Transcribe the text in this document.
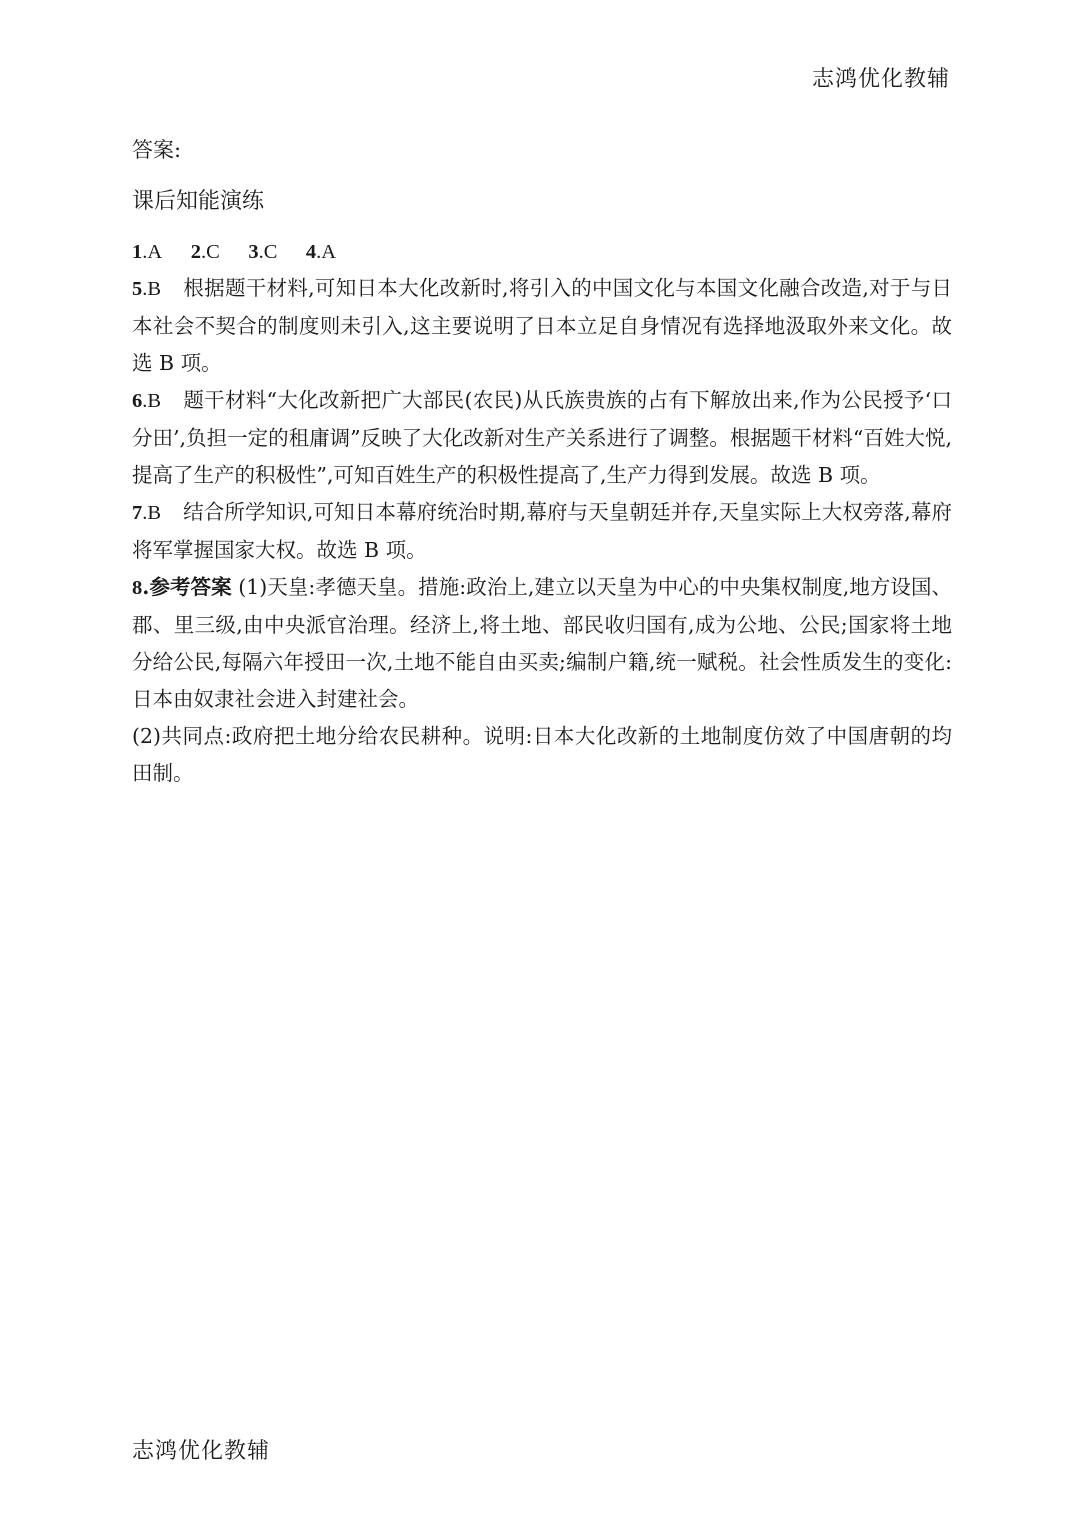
志鸿优化教辅
答案:
课后知能演练
1.A 2.C 3.C 4.A
5.B 根据题干材料,可知日本大化改新时,将引入的中国文化与本国文化融合改造,对于与日本社会不契合的制度则未引入,这主要说明了日本立足自身情况有选择地汲取外来文化。故选 B 项。
6.B 题干材料“大化改新把广大部民(农民)从氏族贵族的占有下解放出来,作为公民授予‘口分田’,负担一定的租庸调”反映了大化改新对生产关系进行了调整。根据题干材料“百姓大悦,提高了生产的积极性”,可知百姓生产的积极性提高了,生产力得到发展。故选 B 项。
7.B 结合所学知识,可知日本幕府统治时期,幕府与天皇朝廷并存,天皇实际上大权旁落,幕府将军掌握国家大权。故选 B 项。
8.参考答案 (1)天皇:孝德天皇。措施:政治上,建立以天皇为中心的中央集权制度,地方设国、郡、里三级,由中央派官治理。经济上,将土地、部民收归国有,成为公地、公民;国家将土地分给公民,每隔六年授田一次,土地不能自由买卖;编制户籍,统一赋税。社会性质发生的变化:日本由奴隶社会进入封建社会。
(2)共同点:政府把土地分给农民耕种。说明:日本大化改新的土地制度仿效了中国唐朝的均田制。
志鸿优化教辅
